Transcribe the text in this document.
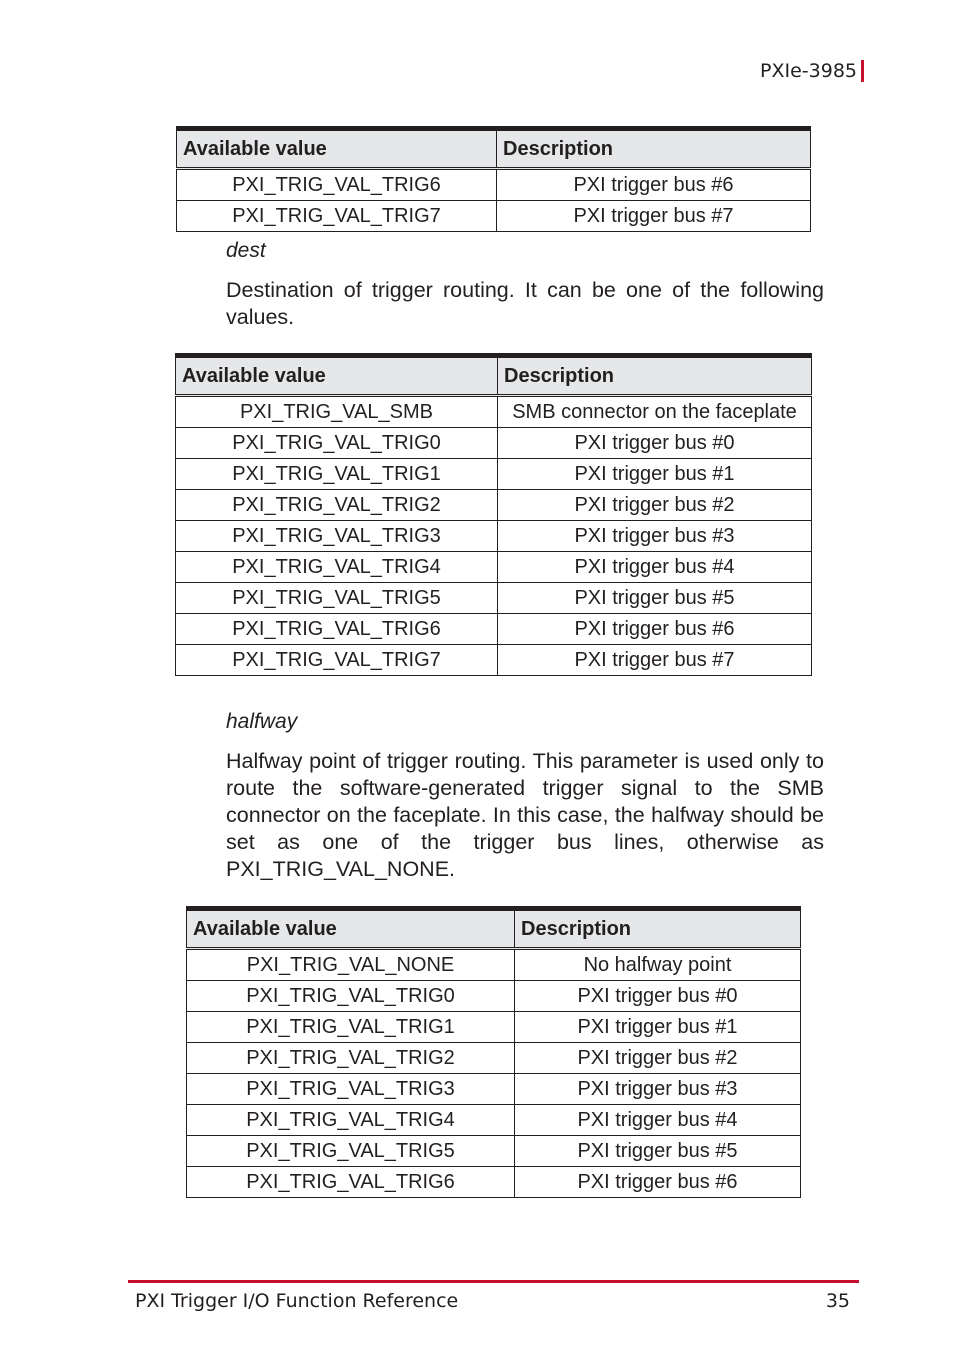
PXIe-3985
Available value	Description
PXI_TRIG_VAL_TRIG6	PXI trigger bus #6
PXI_TRIG_VAL_TRIG7	PXI trigger bus #7
dest
Destination of trigger routing. It can be one of the following values.
Available value	Description
PXI_TRIG_VAL_SMB	SMB connector on the faceplate
PXI_TRIG_VAL_TRIG0	PXI trigger bus #0
PXI_TRIG_VAL_TRIG1	PXI trigger bus #1
PXI_TRIG_VAL_TRIG2	PXI trigger bus #2
PXI_TRIG_VAL_TRIG3	PXI trigger bus #3
PXI_TRIG_VAL_TRIG4	PXI trigger bus #4
PXI_TRIG_VAL_TRIG5	PXI trigger bus #5
PXI_TRIG_VAL_TRIG6	PXI trigger bus #6
PXI_TRIG_VAL_TRIG7	PXI trigger bus #7
halfway
Halfway point of trigger routing. This parameter is used only to route the software-generated trigger signal to the SMB connector on the faceplate. In this case, the halfway should be set as one of the trigger bus lines, otherwise as PXI_TRIG_VAL_NONE.
Available value	Description
PXI_TRIG_VAL_NONE	No halfway point
PXI_TRIG_VAL_TRIG0	PXI trigger bus #0
PXI_TRIG_VAL_TRIG1	PXI trigger bus #1
PXI_TRIG_VAL_TRIG2	PXI trigger bus #2
PXI_TRIG_VAL_TRIG3	PXI trigger bus #3
PXI_TRIG_VAL_TRIG4	PXI trigger bus #4
PXI_TRIG_VAL_TRIG5	PXI trigger bus #5
PXI_TRIG_VAL_TRIG6	PXI trigger bus #6
PXI Trigger I/O Function Reference	35
